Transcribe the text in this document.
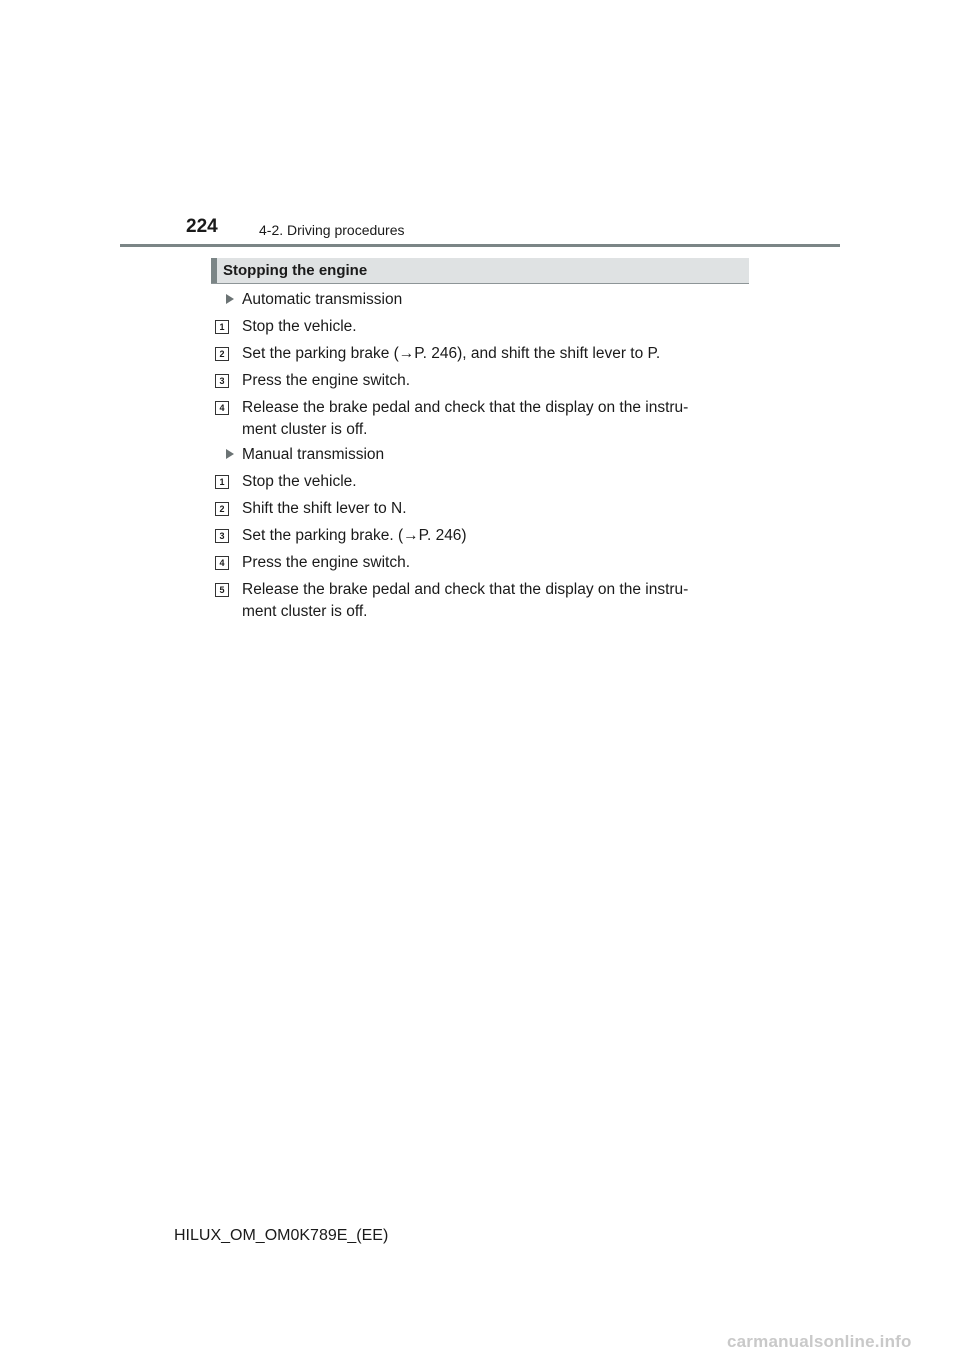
224	4-2. Driving procedures
Stopping the engine
Automatic transmission
1 Stop the vehicle.
2 Set the parking brake (→P. 246), and shift the shift lever to P.
3 Press the engine switch.
4 Release the brake pedal and check that the display on the instru-
ment cluster is off.
Manual transmission
1 Stop the vehicle.
2 Shift the shift lever to N.
3 Set the parking brake. (→P. 246)
4 Press the engine switch.
5 Release the brake pedal and check that the display on the instru-
ment cluster is off.
HILUX_OM_OM0K789E_(EE)
carmanualsonline.info
